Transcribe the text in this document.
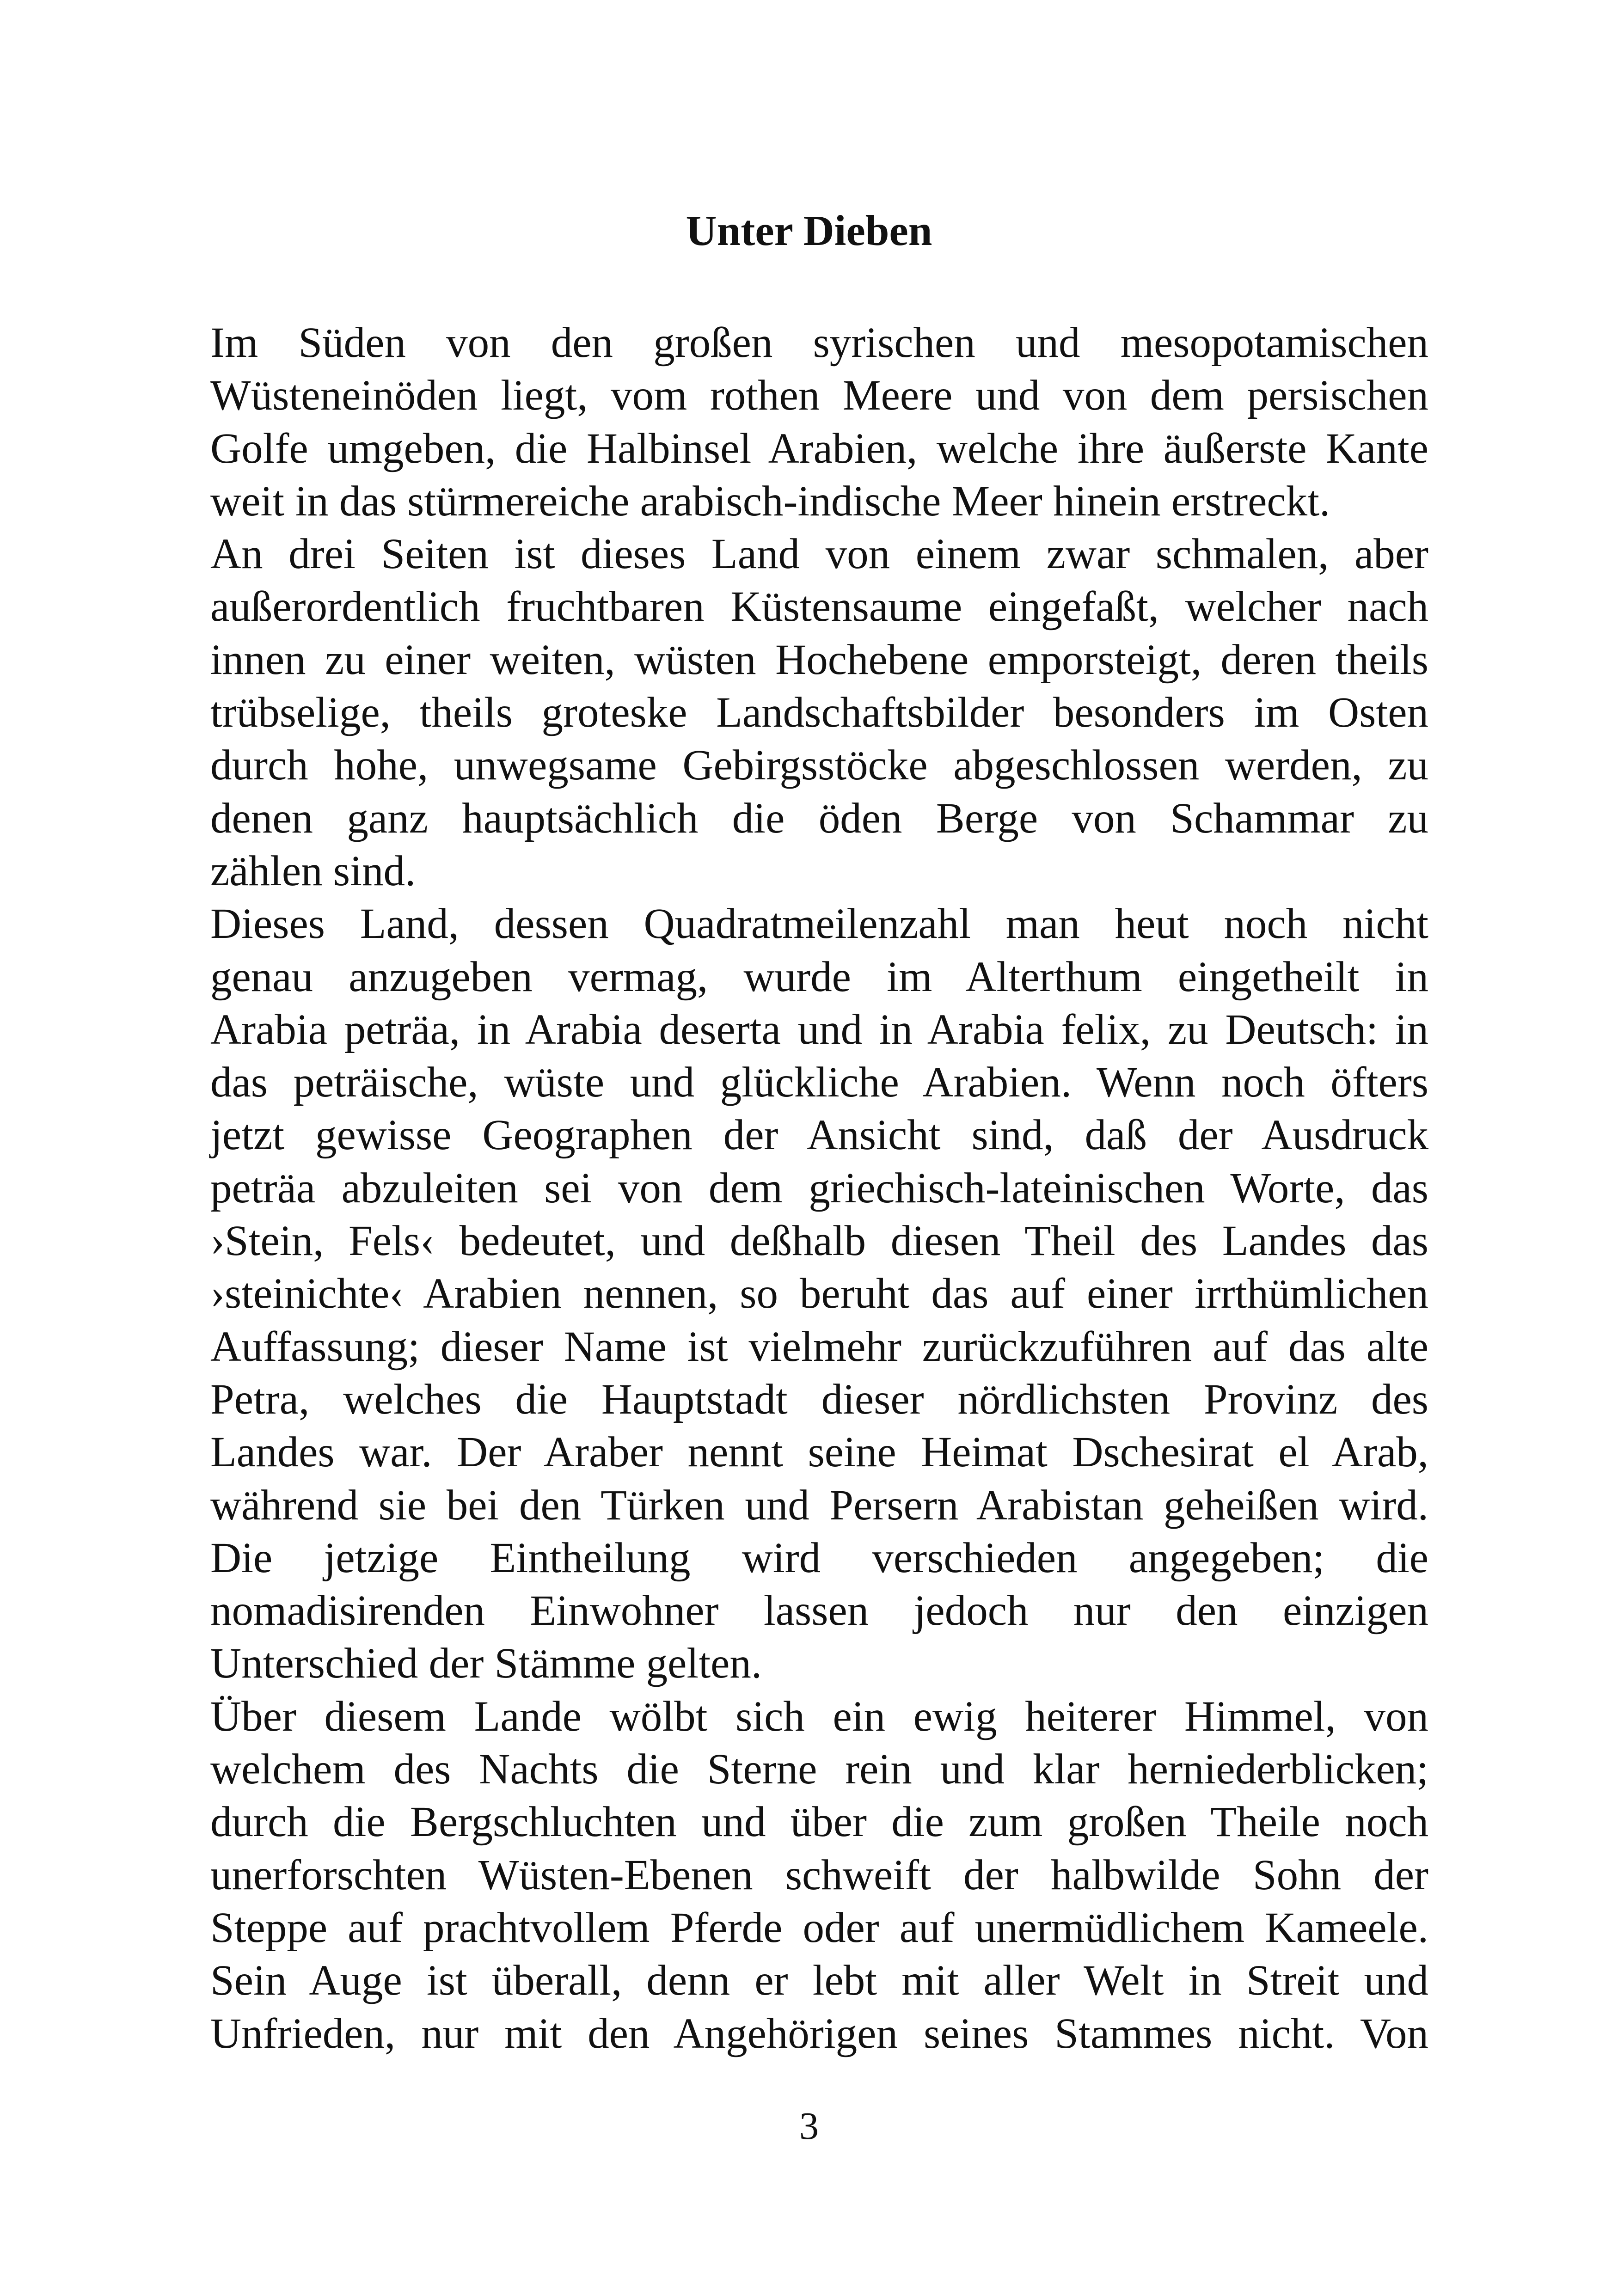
Unter Dieben

Im Süden von den großen syrischen und mesopotamischen
Wüsteneinöden liegt, vom rothen Meere und von dem persischen
Golfe umgeben, die Halbinsel Arabien, welche ihre äußerste Kante
weit in das stürmereiche arabisch-indische Meer hinein erstreckt.

An drei Seiten ist dieses Land von einem zwar schmalen, aber
außerordentlich fruchtbaren Küstensaume eingefaßt, welcher nach
innen zu einer weiten, wüsten Hochebene emporsteigt, deren theils
trübselige, theils groteske Landschaftsbilder besonders im Osten
durch hohe, unwegsame Gebirgsstöcke abgeschlossen werden, zu
denen ganz hauptsächlich die öden Berge von Schammar zu
zählen sind.

Dieses Land, dessen Quadratmeilenzahl man heut noch nicht
genau anzugeben vermag, wurde im Alterthum eingetheilt in
Arabia peträa, in Arabia deserta und in Arabia felix, zu Deutsch: in
das peträische, wüste und glückliche Arabien. Wenn noch öfters
jetzt gewisse Geographen der Ansicht sind, daß der Ausdruck
peträa abzuleiten sei von dem griechisch-lateinischen Worte, das
›Stein, Fels‹ bedeutet, und deßhalb diesen Theil des Landes das
›steinichte‹ Arabien nennen, so beruht das auf einer irrthümlichen
Auffassung; dieser Name ist vielmehr zurückzuführen auf das alte
Petra, welches die Hauptstadt dieser nördlichsten Provinz des
Landes war. Der Araber nennt seine Heimat Dschesirat el Arab,
während sie bei den Türken und Persern Arabistan geheißen wird.
Die jetzige Eintheilung wird verschieden angegeben; die
nomadisirenden Einwohner lassen jedoch nur den einzigen
Unterschied der Stämme gelten.

Über diesem Lande wölbt sich ein ewig heiterer Himmel, von
welchem des Nachts die Sterne rein und klar herniederblicken;
durch die Bergschluchten und über die zum großen Theile noch
unerforschten Wüsten-Ebenen schweift der halbwilde Sohn der
Steppe auf prachtvollem Pferde oder auf unermüdlichem Kameele.
Sein Auge ist überall, denn er lebt mit aller Welt in Streit und
Unfrieden, nur mit den Angehörigen seines Stammes nicht. Von

3
